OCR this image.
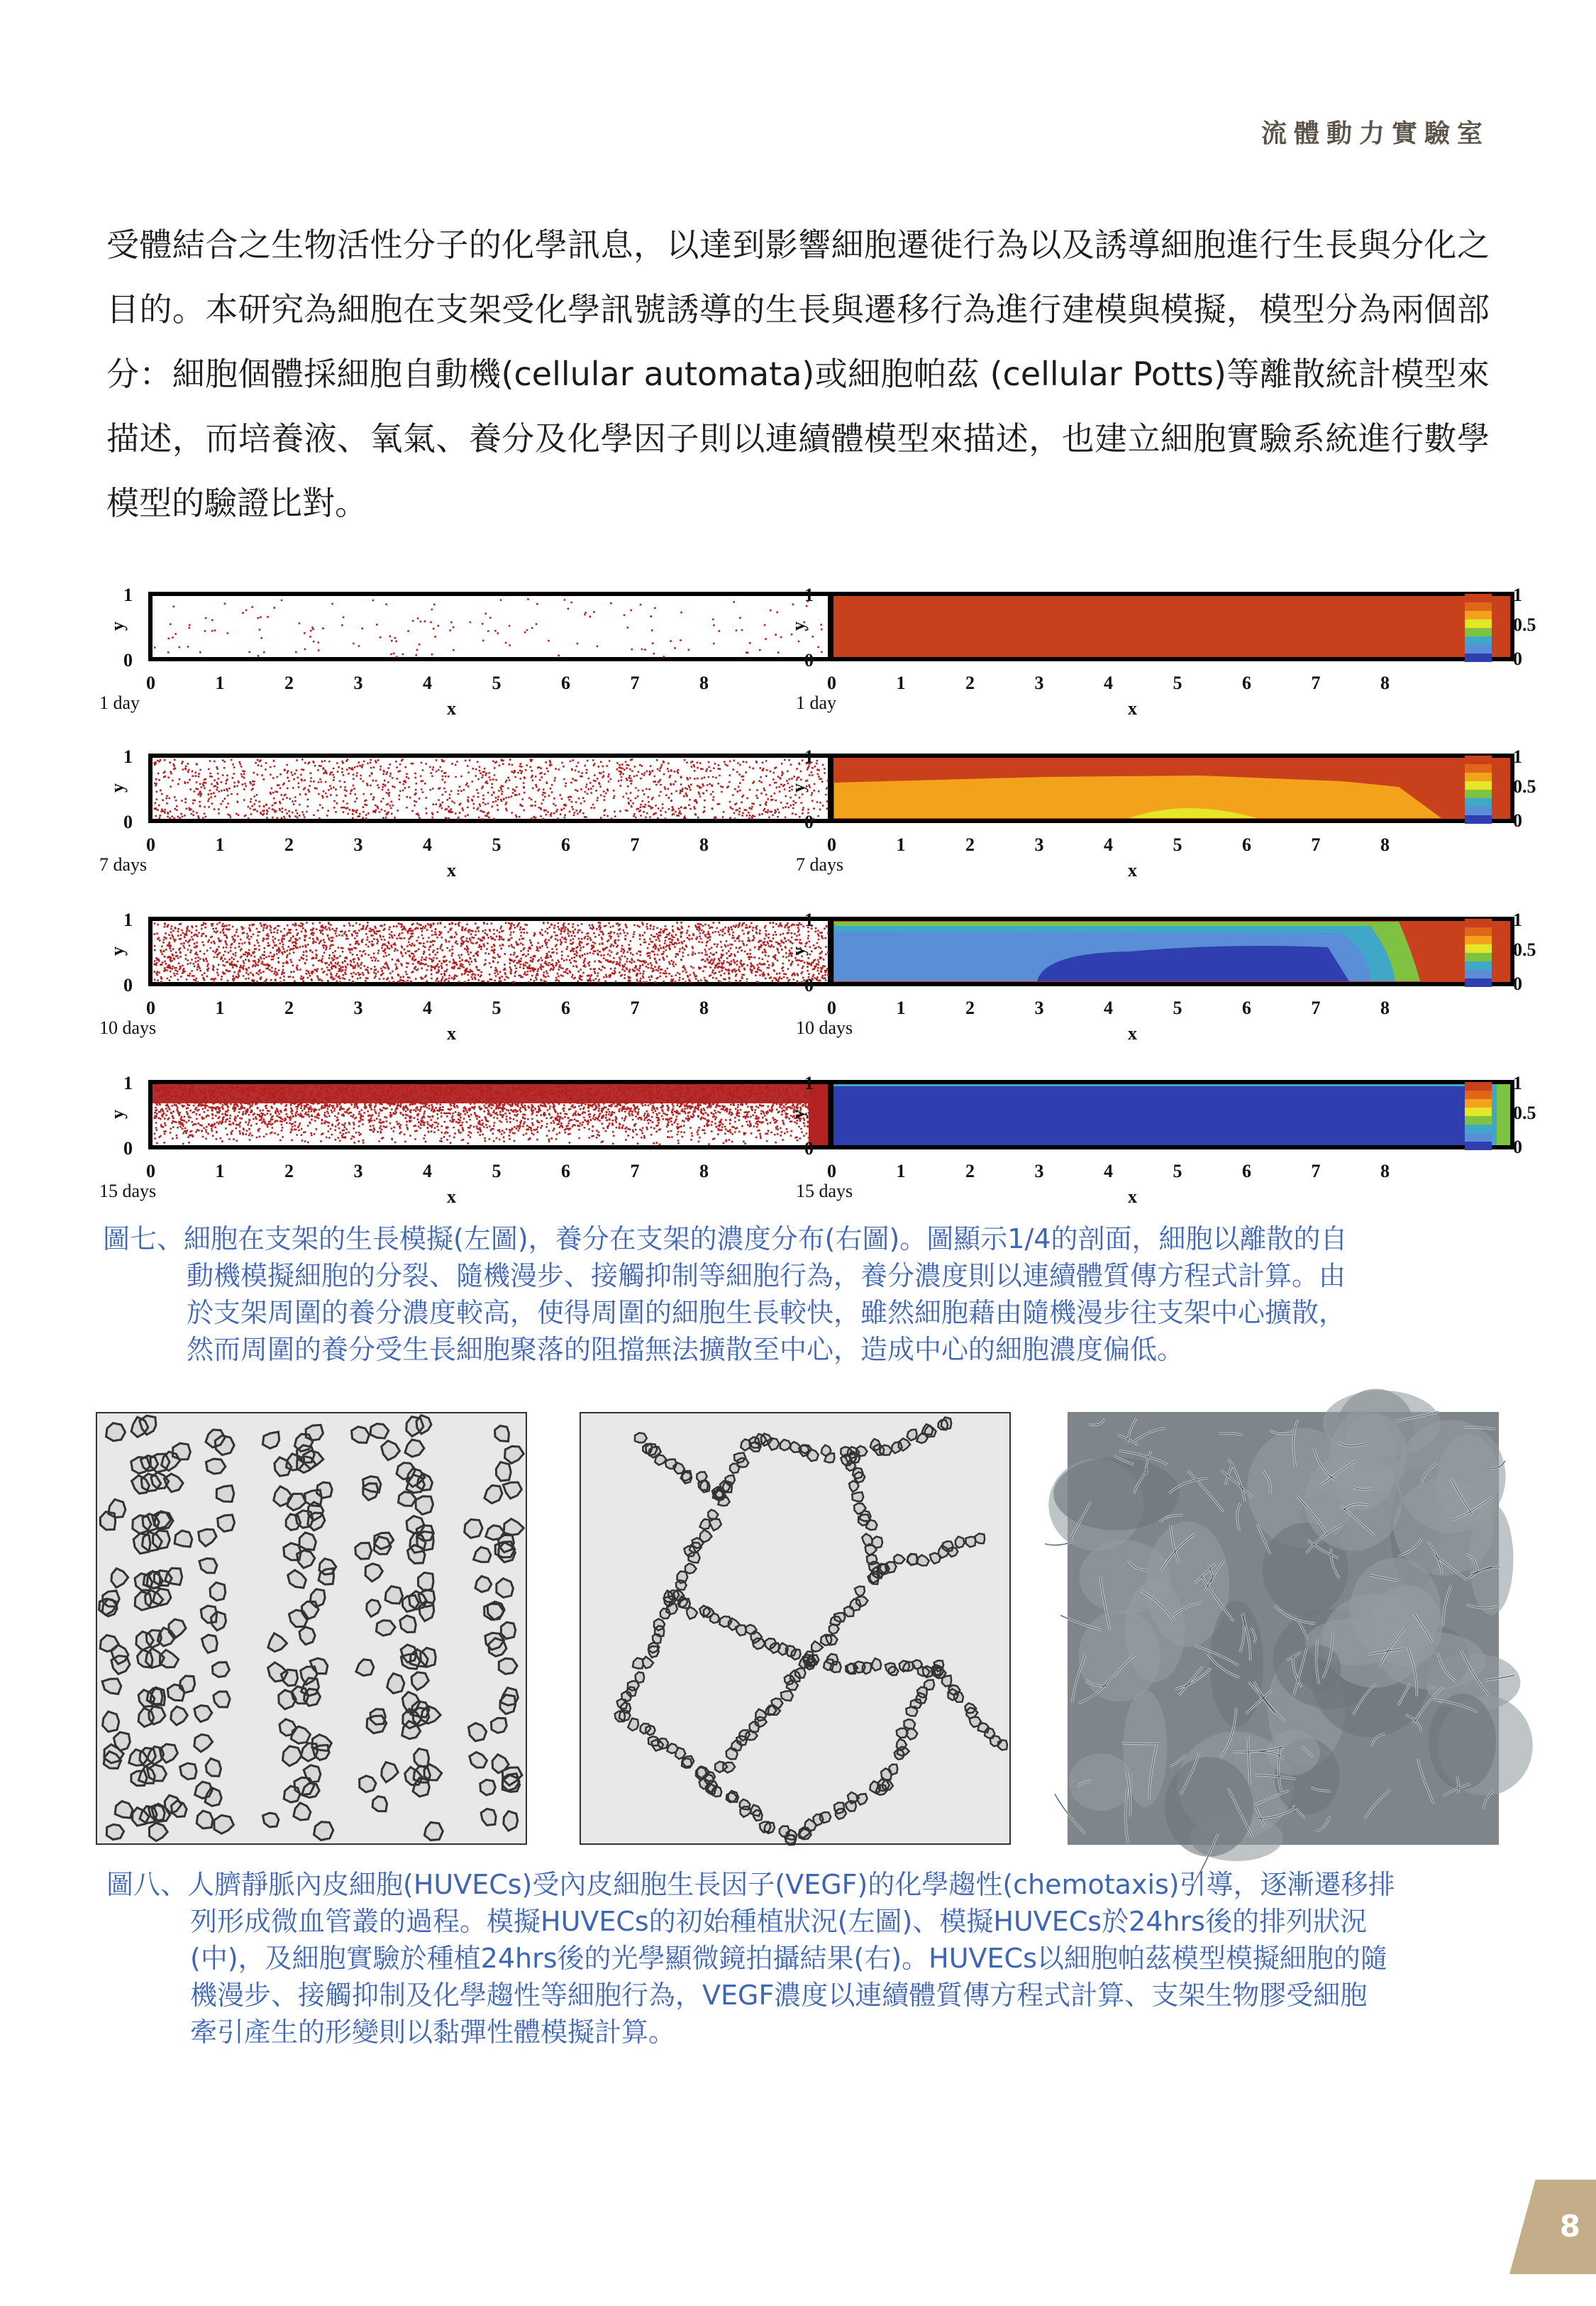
流體動力實驗室
受體結合之生物活性分子的化學訊息，以達到影響細胞遷徙行為以及誘導細胞進行生長與分化之目的。本研究為細胞在支架受化學訊號誘導的生長與遷移行為進行建模與模擬，模型分為兩個部分：細胞個體採細胞自動機(cellular automata)或細胞帕茲 (cellular Potts)等離散統計模型來描述，而培養液、氧氣、養分及化學因子則以連續體模型來描述，也建立細胞實驗系統進行數學模型的驗證比對。
1
0
y
0	1	2	3	4	5	6	7	8
x
1 day
1
0
y
0	1	2	3	4	5	6	7	8
x
1 day
1
0.5
0
1
0
y
0	1	2	3	4	5	6	7	8
x
7 days
1
0
y
0	1	2	3	4	5	6	7	8
x
7 days
1
0.5
0
1
0
y
0	1	2	3	4	5	6	7	8
x
10 days
1
0
y
0	1	2	3	4	5	6	7	8
x
10 days
1
0.5
0
1
0
y
0	1	2	3	4	5	6	7	8
x
15 days
1
0
y
0	1	2	3	4	5	6	7	8
x
15 days
1
0.5
0

圖七、細胞在支架的生長模擬(左圖)，養分在支架的濃度分布(右圖)。圖顯示1/4的剖面，細胞以離散的自

動機模擬細胞的分裂、隨機漫步、接觸抑制等細胞行為，養分濃度則以連續體質傳方程式計算。由

於支架周圍的養分濃度較高，使得周圍的細胞生長較快，雖然細胞藉由隨機漫步往支架中心擴散，

然而周圍的養分受生長細胞聚落的阻擋無法擴散至中心，造成中心的細胞濃度偏低。

圖八、人臍靜脈內皮細胞(HUVECs)受內皮細胞生長因子(VEGF)的化學趨性(chemotaxis)引導，逐漸遷移排

列形成微血管叢的過程。模擬HUVECs的初始種植狀況(左圖)、模擬HUVECs於24hrs後的排列狀況

(中)，及細胞實驗於種植24hrs後的光學顯微鏡拍攝結果(右)。HUVECs以細胞帕茲模型模擬細胞的隨

機漫步、接觸抑制及化學趨性等細胞行為，VEGF濃度以連續體質傳方程式計算、支架生物膠受細胞

牽引產生的形變則以黏彈性體模擬計算。

8
